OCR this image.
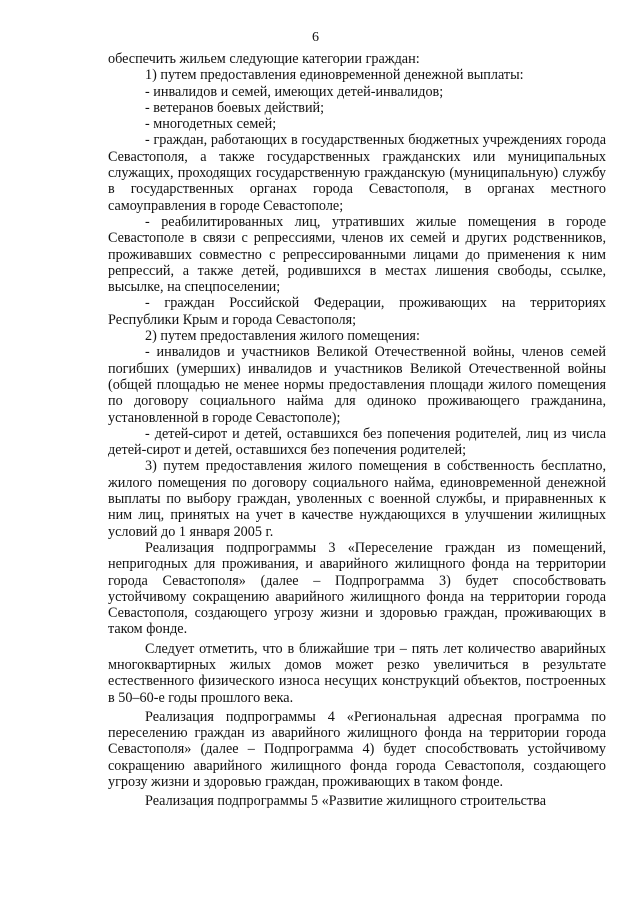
6

обеспечить жильем следующие категории граждан:

1) путем предоставления единовременной денежной выплаты:

- инвалидов и семей, имеющих детей-инвалидов;

- ветеранов боевых действий;

- многодетных семей;

- граждан, работающих в государственных бюджетных учреждениях города Севастополя, а также государственных гражданских или муниципальных служащих, проходящих государственную гражданскую (муниципальную) службу в государственных органах города Севастополя, в органах местного самоуправления в городе Севастополе;

- реабилитированных лиц, утративших жилые помещения в городе Севастополе в связи с репрессиями, членов их семей и других родственников, проживавших совместно с репрессированными лицами до применения к ним репрессий, а также детей, родившихся в местах лишения свободы, ссылке, высылке, на спецпоселении;

- граждан Российской Федерации, проживающих на территориях Республики Крым и города Севастополя;

2) путем предоставления жилого помещения:

- инвалидов и участников Великой Отечественной войны, членов семей погибших (умерших) инвалидов и участников Великой Отечественной войны (общей площадью не менее нормы предоставления площади жилого помещения по договору социального найма для одиноко проживающего гражданина, установленной в городе Севастополе);

- детей-сирот и детей, оставшихся без попечения родителей, лиц из числа детей-сирот и детей, оставшихся без попечения родителей;

3) путем предоставления жилого помещения в собственность бесплатно, жилого помещения по договору социального найма, единовременной денежной выплаты по выбору граждан, уволенных с военной службы, и приравненных к ним лиц, принятых на учет в качестве нуждающихся в улучшении жилищных условий до 1 января 2005 г.

Реализация подпрограммы 3 «Переселение граждан из помещений, непригодных для проживания, и аварийного жилищного фонда на территории города Севастополя» (далее – Подпрограмма 3) будет способствовать устойчивому сокращению аварийного жилищного фонда на территории города Севастополя, создающего угрозу жизни и здоровью граждан, проживающих в таком фонде.

Следует отметить, что в ближайшие три – пять лет количество аварийных многоквартирных жилых домов может резко увеличиться в результате естественного физического износа несущих конструкций объектов, построенных в 50–60-е годы прошлого века.

Реализация подпрограммы 4 «Региональная адресная программа по переселению граждан из аварийного жилищного фонда на территории города Севастополя» (далее – Подпрограмма 4) будет способствовать устойчивому сокращению аварийного жилищного фонда города Севастополя, создающего угрозу жизни и здоровью граждан, проживающих в таком фонде.

Реализация подпрограммы 5 «Развитие жилищного строительства
